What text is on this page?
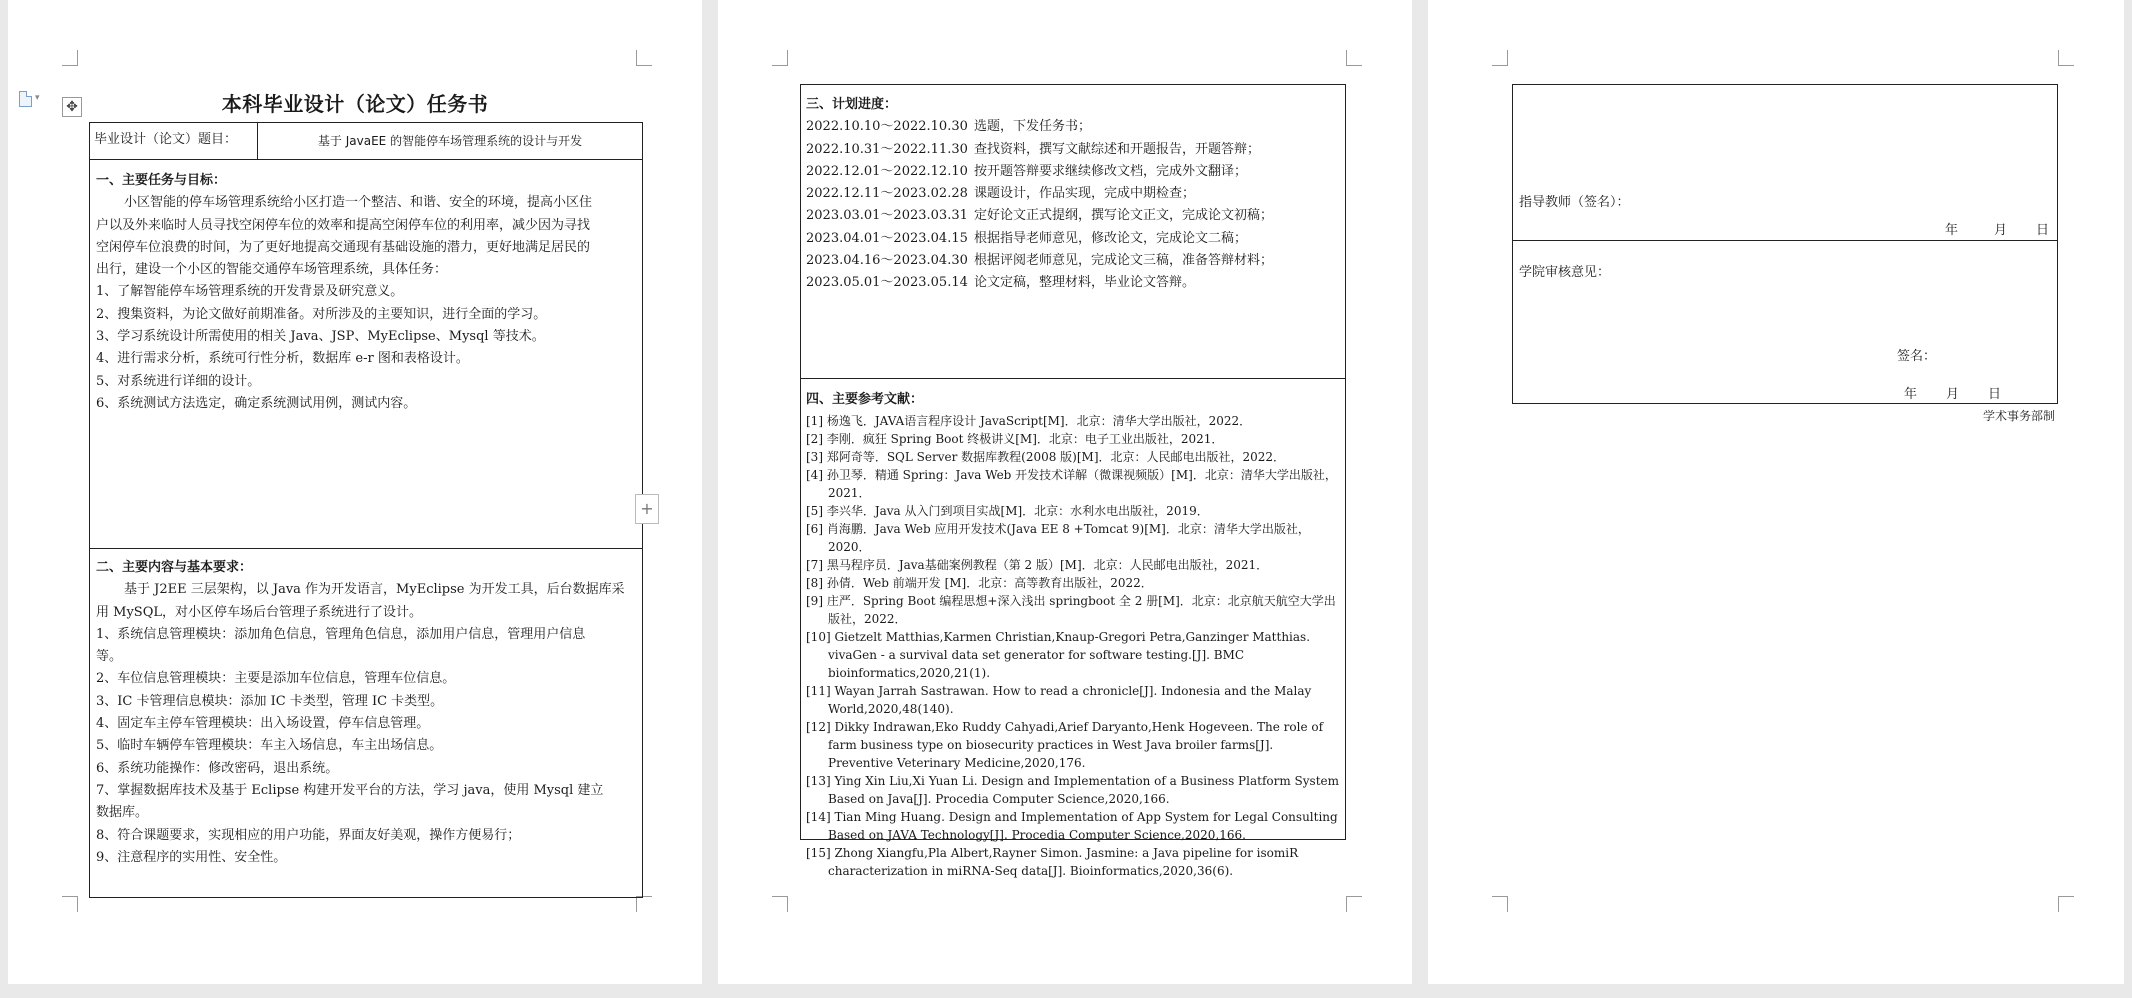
本科毕业设计（论文）任务书
毕业设计（论文）题目：	基于 JavaEE 的智能停车场管理系统的设计与开发

一、主要任务与目标：

小区智能的停车场管理系统给小区打造一个整洁、和谐、安全的环境，提高小区住

户以及外来临时人员寻找空闲停车位的效率和提高空闲停车位的利用率，减少因为寻找

空闲停车位浪费的时间，为了更好地提高交通现有基础设施的潜力，更好地满足居民的

出行，建设一个小区的智能交通停车场管理系统，具体任务：

1、了解智能停车场管理系统的开发背景及研究意义。

2、搜集资料，为论文做好前期准备。对所涉及的主要知识，进行全面的学习。

3、学习系统设计所需使用的相关 Java、JSP、MyEclipse、Mysql 等技术。

4、进行需求分析，系统可行性分析，数据库 e-r 图和表格设计。

5、对系统进行详细的设计。

6、系统测试方法选定，确定系统测试用例，测试内容。

二、主要内容与基本要求：

基于 J2EE 三层架构，以 Java 作为开发语言，MyEclipse 为开发工具，后台数据库采

用 MySQL，对小区停车场后台管理子系统进行了设计。

1、系统信息管理模块：添加角色信息，管理角色信息，添加用户信息，管理用户信息

等。

2、车位信息管理模块：主要是添加车位信息，管理车位信息。

3、IC 卡管理信息模块：添加 IC 卡类型，管理 IC 卡类型。

4、固定车主停车管理模块：出入场设置，停车信息管理。

5、临时车辆停车管理模块：车主入场信息，车主出场信息。

6、系统功能操作：修改密码，退出系统。

7、掌握数据库技术及基于 Eclipse 构建开发平台的方法，学习 java，使用 Mysql 建立

数据库。

8、符合课题要求，实现相应的用户功能，界面友好美观，操作方便易行；

9、注意程序的实用性、安全性。

▾
✥
+

三、计划进度：

2022.10.10～2022.10.30 选题，下发任务书；
2022.10.31～2022.11.30 查找资料，撰写文献综述和开题报告，开题答辩；
2022.12.01～2022.12.10 按开题答辩要求继续修改文档，完成外文翻译；
2022.12.11～2023.02.28 课题设计，作品实现，完成中期检查；
2023.03.01～2023.03.31 定好论文正式提纲，撰写论文正文，完成论文初稿；
2023.04.01～2023.04.15 根据指导老师意见，修改论文，完成论文二稿；
2023.04.16～2023.04.30 根据评阅老师意见，完成论文三稿，准备答辩材料；
2023.05.01～2023.05.14 论文定稿，整理材料，毕业论文答辩。

四、主要参考文献：

[1] 杨逸飞．JAVA语言程序设计 JavaScript[M]．北京：清华大学出版社，2022．

[2] 李刚．疯狂 Spring Boot 终极讲义[M]．北京：电子工业出版社，2021．

[3] 郑阿奇等．SQL Server 数据库教程(2008 版)[M]．北京：人民邮电出版社，2022．

[4] 孙卫琴．精通 Spring：Java Web 开发技术详解（微课视频版）[M]．北京：清华大学出版社，2021．

[5] 李兴华．Java 从入门到项目实战[M]．北京：水利水电出版社，2019．

[6] 肖海鹏．Java Web 应用开发技术(Java EE 8 +Tomcat 9)[M]．北京：清华大学出版社，2020．

[7] 黑马程序员．Java基础案例教程（第 2 版）[M]．北京：人民邮电出版社，2021．

[8] 孙倩．Web 前端开发 [M]．北京：高等教育出版社，2022．

[9] 庄严．Spring Boot 编程思想+深入浅出 springboot 全 2 册[M]．北京：北京航天航空大学出版社，2022．

[10] Gietzelt Matthias,Karmen Christian,Knaup-Gregori Petra,Ganzinger Matthias. vivaGen - a survival data set generator for software testing.[J]. BMC bioinformatics,2020,21(1).

[11] Wayan Jarrah Sastrawan. How to read a chronicle[J]. Indonesia and the Malay World,2020,48(140).

[12] Dikky Indrawan,Eko Ruddy Cahyadi,Arief Daryanto,Henk Hogeveen. The role of farm business type on biosecurity practices in West Java broiler farms[J]. Preventive Veterinary Medicine,2020,176.

[13] Ying Xin Liu,Xi Yuan Li. Design and Implementation of a Business Platform System Based on Java[J]. Procedia Computer Science,2020,166.

[14] Tian Ming Huang. Design and Implementation of App System for Legal Consulting Based on JAVA Technology[J]. Procedia Computer Science,2020,166.

[15] Zhong Xiangfu,Pla Albert,Rayner Simon. Jasmine: a Java pipeline for isomiR characterization in miRNA-Seq data[J]. Bioinformatics,2020,36(6).

指导教师（签名）：
年	月 日
学院审核意见：
签名：
年 月 日
学术事务部制
